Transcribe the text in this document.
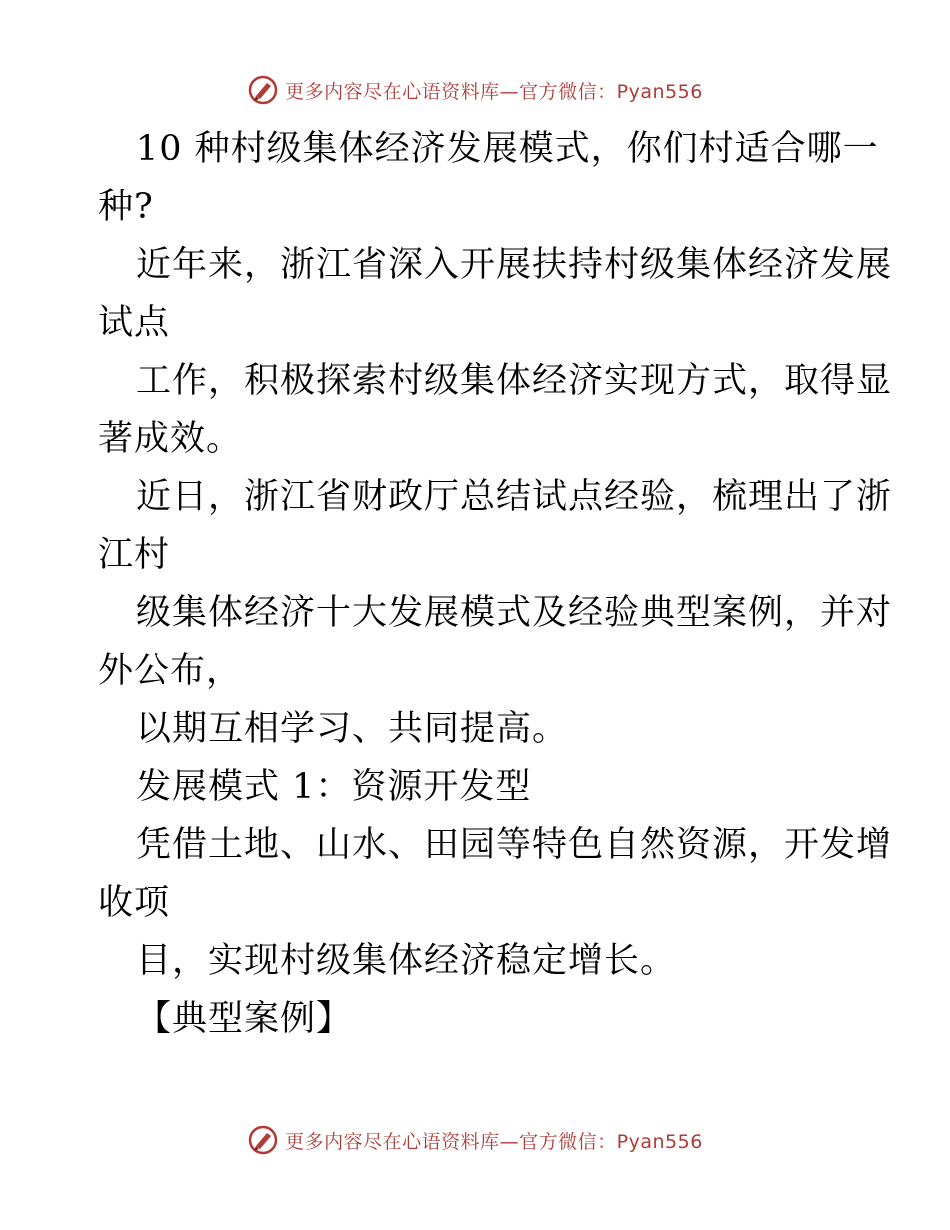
更多内容尽在心语资料库—官方微信：Pyan556
10 种村级集体经济发展模式，你们村适合哪一
种?
近年来，浙江省深入开展扶持村级集体经济发展
试点
工作，积极探索村级集体经济实现方式，取得显
著成效。
近日，浙江省财政厅总结试点经验，梳理出了浙
江村
级集体经济十大发展模式及经验典型案例，并对
外公布，
以期互相学习、共同提高。
发展模式 1：资源开发型
凭借土地、山水、田园等特色自然资源，开发增
收项
目，实现村级集体经济稳定增长。
【典型案例】
更多内容尽在心语资料库—官方微信：Pyan556
